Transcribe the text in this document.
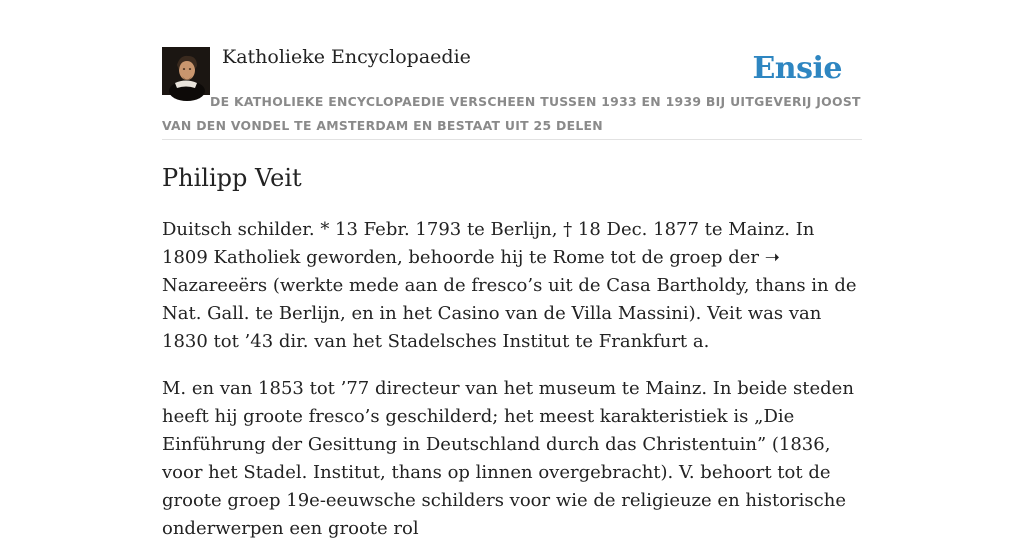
Katholieke Encyclopaedie	Ensie

DE KATHOLIEKE ENCYCLOPAEDIE VERSCHEEN TUSSEN 1933 EN 1939 BIJ UITGEVERIJ JOOST VAN DEN VONDEL TE AMSTERDAM EN BESTAAT UIT 25 DELEN

Philipp Veit

Duitsch schilder. * 13 Febr. 1793 te Berlijn, † 18 Dec. 1877 te Mainz. In 1809 Katholiek geworden, behoorde hij te Rome tot de groep der ➝ Nazareeërs (werkte mede aan de fresco’s uit de Casa Bartholdy, thans in de Nat. Gall. te Berlijn, en in het Casino van de Villa Massini). Veit was van 1830 tot ’43 dir. van het Stadelsches Institut te Frankfurt a.

M. en van 1853 tot ’77 directeur van het museum te Mainz. In beide steden heeft hij groote fresco’s geschilderd; het meest karakteristiek is „Die Einführung der Gesittung in Deutschland durch das Christentuin” (1836, voor het Stadel. Institut, thans op linnen overgebracht). V. behoort tot de groote groep 19e-eeuwsche schilders voor wie de religieuze en historische onderwerpen een groote rol
